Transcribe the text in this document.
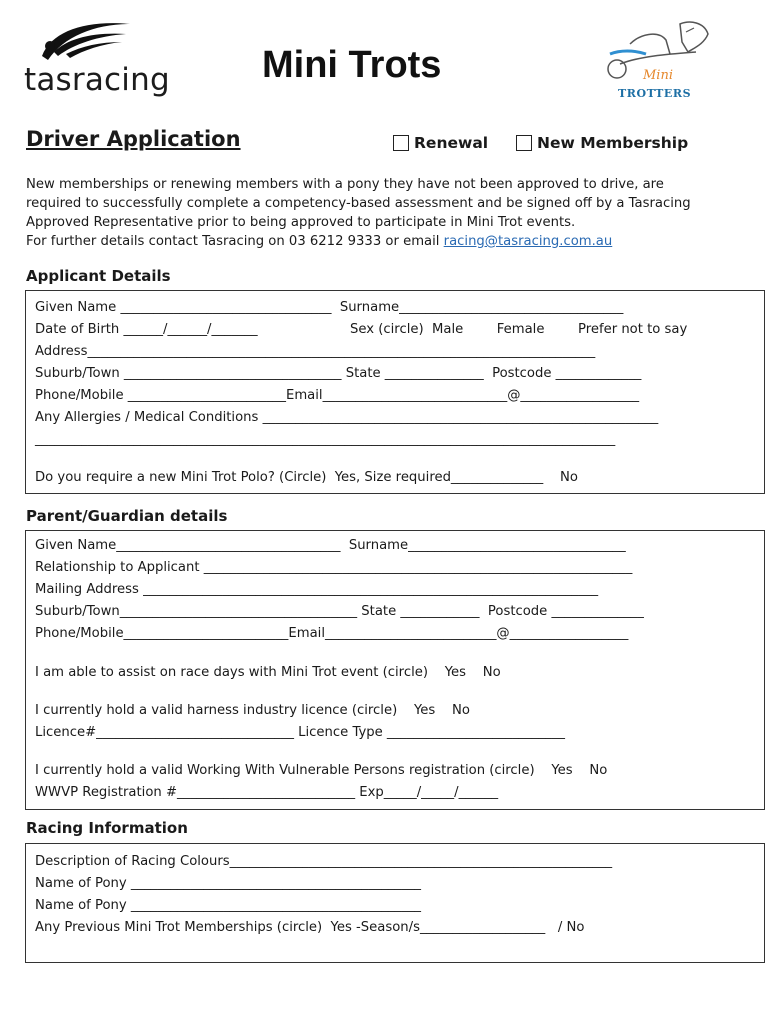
tasracing Mini Trots	Mini
TROTTERS
Driver Application	Renewal	New Membership

New memberships or renewing members with a pony they have not been approved to drive, are

required to successfully complete a competency-based assessment and be signed off by a Tasracing

Approved Representative prior to being approved to participate in Mini Trot events.

For further details contact Tasracing on 03 6212 9333 or email racing@tasracing.com.au

Applicant Details
Given Name ________________________________  Surname__________________________________
Date of Birth ______/______/_______	Sex (circle)  Male        Female        Prefer not to say
Address_____________________________________________________________________________
Suburb/Town _________________________________ State _______________  Postcode _____________
Phone/Mobile ________________________Email____________________________@__________________
Any Allergies / Medical Conditions ____________________________________________________________
________________________________________________________________________________________
Do you require a new Mini Trot Polo? (Circle)  Yes, Size required______________    No
Parent/Guardian details
Given Name__________________________________  Surname_________________________________
Relationship to Applicant _________________________________________________________________
Mailing Address _____________________________________________________________________
Suburb/Town____________________________________ State ____________  Postcode ______________
Phone/Mobile_________________________Email__________________________@__________________
I am able to assist on race days with Mini Trot event (circle)    Yes    No
I currently hold a valid harness industry licence (circle)    Yes    No
Licence#______________________________ Licence Type ___________________________
I currently hold a valid Working With Vulnerable Persons registration (circle)    Yes    No
WWVP Registration #___________________________ Exp_____/_____/______
Racing Information
Description of Racing Colours__________________________________________________________
Name of Pony ____________________________________________
Name of Pony ____________________________________________
Any Previous Mini Trot Memberships (circle)  Yes -Season/s___________________   / No
